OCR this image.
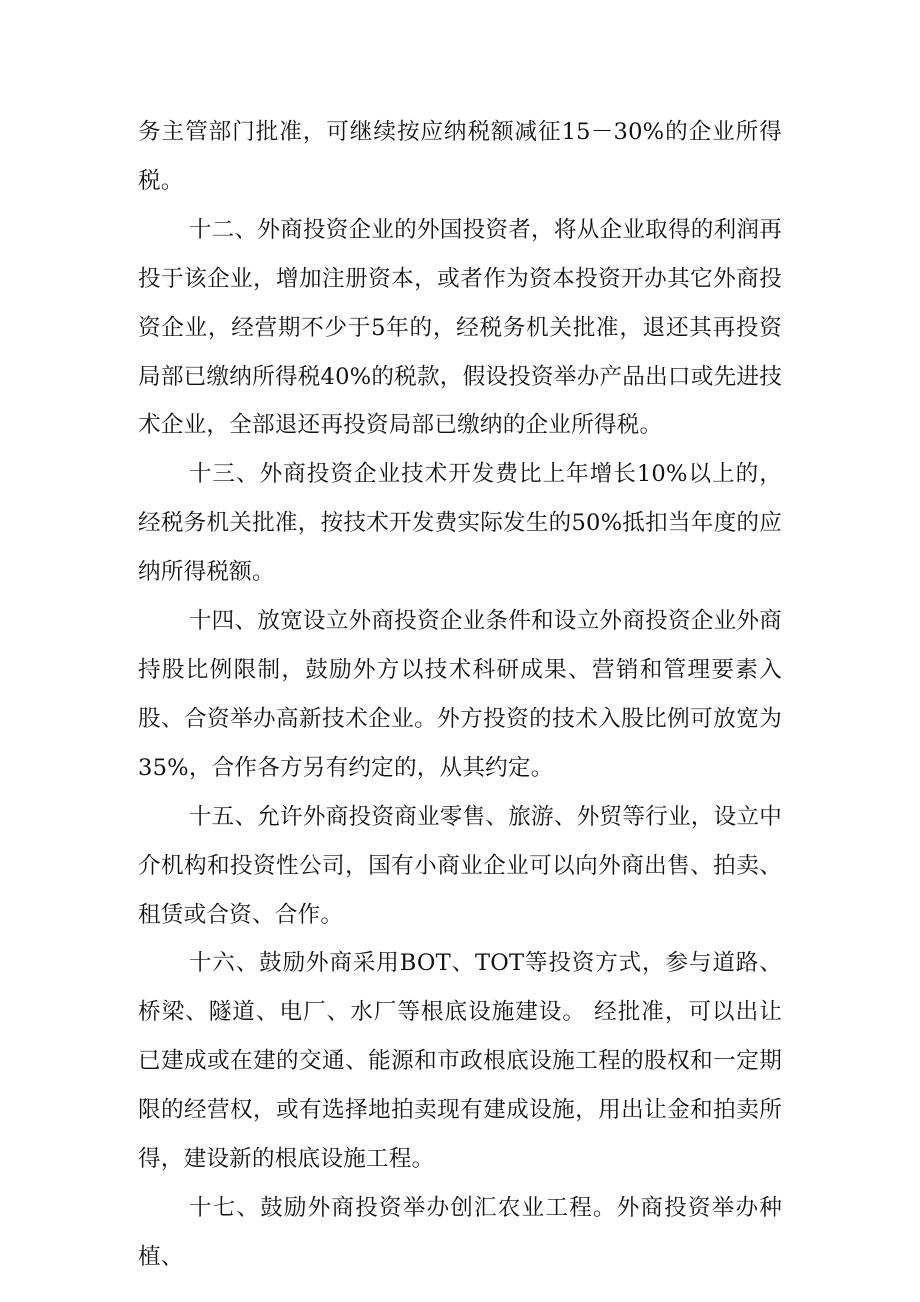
务主管部门批准，可继续按应纳税额减征15－30%的企业所得税。

十二、外商投资企业的外国投资者，将从企业取得的利润再投于该企业，增加注册资本，或者作为资本投资开办其它外商投资企业，经营期不少于5年的，经税务机关批准，退还其再投资局部已缴纳所得税40%的税款，假设投资举办产品出口或先进技术企业，全部退还再投资局部已缴纳的企业所得税。

十三、外商投资企业技术开发费比上年增长10%以上的，经税务机关批准，按技术开发费实际发生的50%抵扣当年度的应纳所得税额。

十四、放宽设立外商投资企业条件和设立外商投资企业外商持股比例限制，鼓励外方以技术科研成果、营销和管理要素入股、合资举办高新技术企业。外方投资的技术入股比例可放宽为35%，合作各方另有约定的，从其约定。

十五、允许外商投资商业零售、旅游、外贸等行业，设立中介机构和投资性公司，国有小商业企业可以向外商出售、拍卖、租赁或合资、合作。

十六、鼓励外商采用BOT、TOT等投资方式，参与道路、桥梁、隧道、电厂、水厂等根底设施建设。 经批准，可以出让已建成或在建的交通、能源和市政根底设施工程的股权和一定期限的经营权，或有选择地拍卖现有建成设施，用出让金和拍卖所得，建设新的根底设施工程。

十七、鼓励外商投资举办创汇农业工程。外商投资举办种植、
